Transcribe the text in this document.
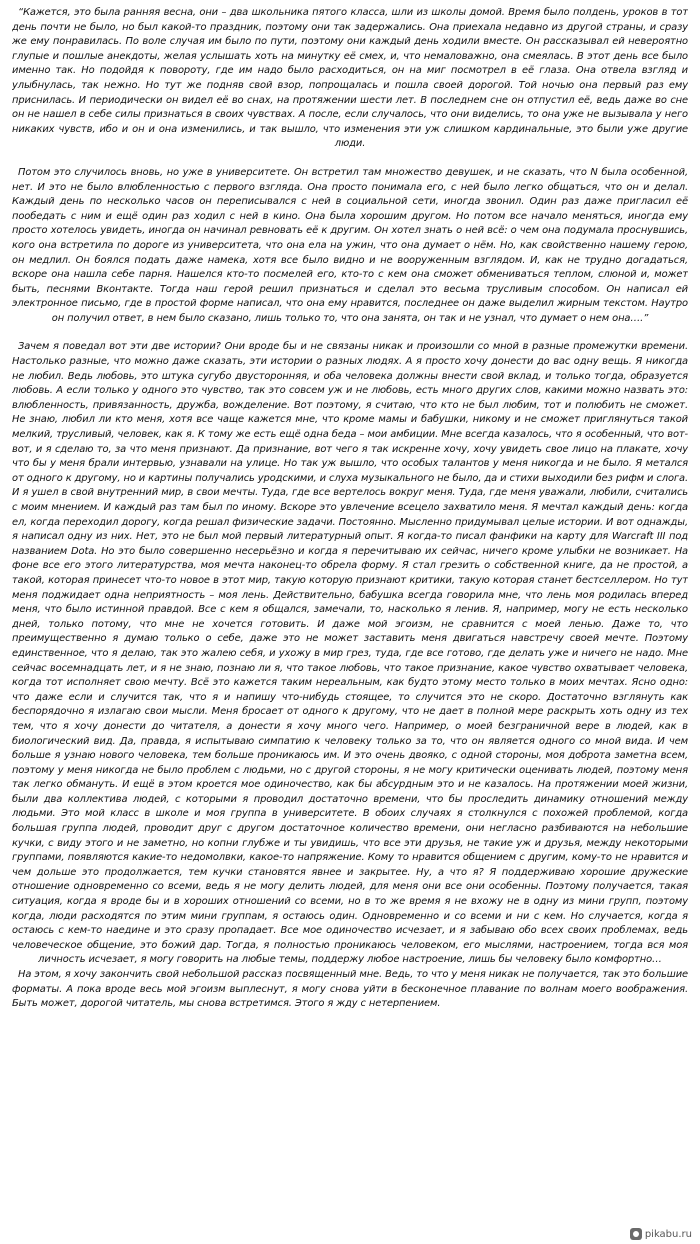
“Кажется, это была ранняя весна, они – два школьника пятого класса, шли из школы домой. Время было полдень, уроков в тот день почти не было, но был какой-то праздник, поэтому они так задержались. Она приехала недавно из другой страны, и сразу же ему понравилась. По воле случая им было по пути, поэтому они каждый день ходили вместе. Он рассказывал ей невероятно глупые и пошлые анекдоты, желая услышать хоть на минутку её смех, и, что немаловажно, она смеялась. В этот день все было именно так. Но подойдя к повороту, где им надо было расходиться, он на миг посмотрел в её глаза. Она отвела взгляд и улыбнулась, так нежно. Но тут же подняв свой взор, попрощалась и пошла своей дорогой. Той ночью она первый раз ему приснилась. И периодически он видел её во снах, на протяжении шести лет. В последнем сне он отпустил её, ведь даже во сне он не нашел в себе силы признаться в своих чувствах. А после, если случалось, что они виделись, то она уже не вызывала у него никаких чувств, ибо и он и она изменились, и так вышло, что изменения эти уж слишком кардинальные, это были уже другие люди.

Потом это случилось вновь, но уже в университете. Он встретил там множество девушек, и не сказать, что N была особенной, нет. И это не было влюбленностью с первого взгляда. Она просто понимала его, с ней было легко общаться, что он и делал. Каждый день по несколько часов он переписывался с ней в социальной сети, иногда звонил. Один раз даже пригласил её пообедать с ним и ещё один раз ходил с ней в кино. Она была хорошим другом. Но потом все начало меняться, иногда ему просто хотелось увидеть, иногда он начинал ревновать её к другим. Он хотел знать о ней всё: о чем она подумала проснувшись, кого она встретила по дороге из университета, что она ела на ужин, что она думает о нём. Но, как свойственно нашему герою, он медлил. Он боялся подать даже намека, хотя все было видно и не вооруженным взглядом. И, как не трудно догадаться, вскоре она нашла себе парня. Нашелся кто-то посмелей его, кто-то с кем она сможет обмениваться теплом, слюной и, может быть, песнями Вконтакте. Тогда наш герой решил признаться и сделал это весьма трусливым способом. Он написал ей электронное письмо, где в простой форме написал, что она ему нравится, последнее он даже выделил жирным текстом. Наутро он получил ответ, в нем было сказано, лишь только то, что она занята, он так и не узнал, что думает о нем она….”

Зачем я поведал вот эти две истории? Они вроде бы и не связаны никак и произошли со мной в разные промежутки времени. Настолько разные, что можно даже сказать, эти истории о разных людях. А я просто хочу донести до вас одну вещь. Я никогда не любил. Ведь любовь, это штука сугубо двусторонняя, и оба человека должны внести свой вклад, и только тогда, образуется любовь. А если только у одного это чувство, так это совсем уж и не любовь, есть много других слов, какими можно назвать это: влюбленность, привязанность, дружба, вожделение. Вот поэтому, я считаю, что кто не был любим, тот и полюбить не сможет. Не знаю, любил ли кто меня, хотя все чаще кажется мне, что кроме мамы и бабушки, никому и не сможет приглянуться такой мелкий, трусливый, человек, как я. К тому же есть ещё одна беда – мои амбиции. Мне всегда казалось, что я особенный, что вот-вот, и я сделаю то, за что меня признают. Да признание, вот чего я так искренне хочу, хочу увидеть свое лицо на плакате, хочу что бы у меня брали интервью, узнавали на улице. Но так уж вышло, что особых талантов у меня никогда и не было. Я метался от одного к другому, но и картины получались уродскими, и слуха музыкального не было, да и стихи выходили без рифм и слога. И я ушел в свой внутренний мир, в свои мечты. Туда, где все вертелось вокруг меня. Туда, где меня уважали, любили, считались с моим мнением. И каждый раз там был по иному. Вскоре это увлечение всецело захватило меня. Я мечтал каждый день: когда ел, когда переходил дорогу, когда решал физические задачи. Постоянно. Мысленно придумывал целые истории. И вот однажды, я написал одну из них. Нет, это не был мой первый литературный опыт. Я когда-то писал фанфики на карту для Warcraft III под названием Dota. Но это было совершенно несерьёзно и когда я перечитываю их сейчас, ничего кроме улыбки не возникает. На фоне все его этого литературства, моя мечта наконец-то обрела форму. Я стал грезить о собственной книге, да не простой, а такой, которая принесет что-то новое в этот мир, такую которую признают критики, такую которая станет бестселлером. Но тут меня поджидает одна неприятность – моя лень. Действительно, бабушка всегда говорила мне, что лень моя родилась вперед меня, что было истинной правдой. Все с кем я общался, замечали, то, насколько я ленив. Я, например, могу не есть несколько дней, только потому, что мне не хочется готовить. И даже мой эгоизм, не сравнится с моей ленью. Даже то, что преимущественно я думаю только о себе, даже это не может заставить меня двигаться навстречу своей мечте. Поэтому единственное, что я делаю, так это жалею себя, и ухожу в мир грез, туда, где все готово, где делать уже и ничего не надо. Мне сейчас восемнадцать лет, и я не знаю, познаю ли я, что такое любовь, что такое признание, какое чувство охватывает человека, когда тот исполняет свою мечту. Всё это кажется таким нереальным, как будто этому место только в моих мечтах. Ясно одно: что даже если и случится так, что я и напишу что-нибудь стоящее, то случится это не скоро. Достаточно взглянуть как беспорядочно я излагаю свои мысли. Меня бросает от одного к другому, что не дает в полной мере раскрыть хоть одну из тех тем, что я хочу донести до читателя, а донести я хочу много чего. Например, о моей безграничной вере в людей, как в биологический вид. Да, правда, я испытываю симпатию к человеку только за то, что он является одного со мной вида. И чем больше я узнаю нового человека, тем больше проникаюсь им. И это очень двояко, с одной стороны, моя доброта заметна всем, поэтому у меня никогда не было проблем с людьми, но с другой стороны, я не могу критически оценивать людей, поэтому меня так легко обмануть. И ещё в этом кроется мое одиночество, как бы абсурдным это и не казалось. На протяжении моей жизни, были два коллектива людей, с которыми я проводил достаточно времени, что бы проследить динамику отношений между людьми. Это мой класс в школе и моя группа в университете. В обоих случаях я столкнулся с похожей проблемой, когда большая группа людей, проводит друг с другом достаточное количество времени, они негласно разбиваются на небольшие кучки, с виду этого и не заметно, но копни глубже и ты увидишь, что все эти друзья, не такие уж и друзья, между некоторыми группами, появляются какие-то недомолвки, какое-то напряжение. Кому то нравится общением с другим, кому-то не нравится и чем дольше это продолжается, тем кучки становятся явнее и закрытее. Ну, а что я? Я поддерживаю хорошие дружеские отношение одновременно со всеми, ведь я не могу делить людей, для меня они все они особенны. Поэтому получается, такая ситуация, когда я вроде бы и в хороших отношений со всеми, но в то же время я не вхожу не в одну из мини групп, поэтому когда, люди расходятся по этим мини группам, я остаюсь один. Одновременно и со всеми и ни с кем. Но случается, когда я остаюсь с кем-то наедине и это сразу пропадает. Все мое одиночество исчезает, и я забываю обо всех своих проблемах, ведь человеческое общение, это божий дар. Тогда, я полностью проникаюсь человеком, его мыслями, настроением, тогда вся моя личность исчезает, я могу говорить на любые темы, поддержу любое настроение, лишь бы человеку было комфортно…

На этом, я хочу закончить свой небольшой рассказ посвященный мне. Ведь, то что у меня никак не получается, так это большие форматы. А пока вроде весь мой эгоизм выплеснут, я могу снова уйти в бесконечное плавание по волнам моего воображения. Быть может, дорогой читатель, мы снова встретимся. Этого я жду с нетерпением.

pikabu.ru
